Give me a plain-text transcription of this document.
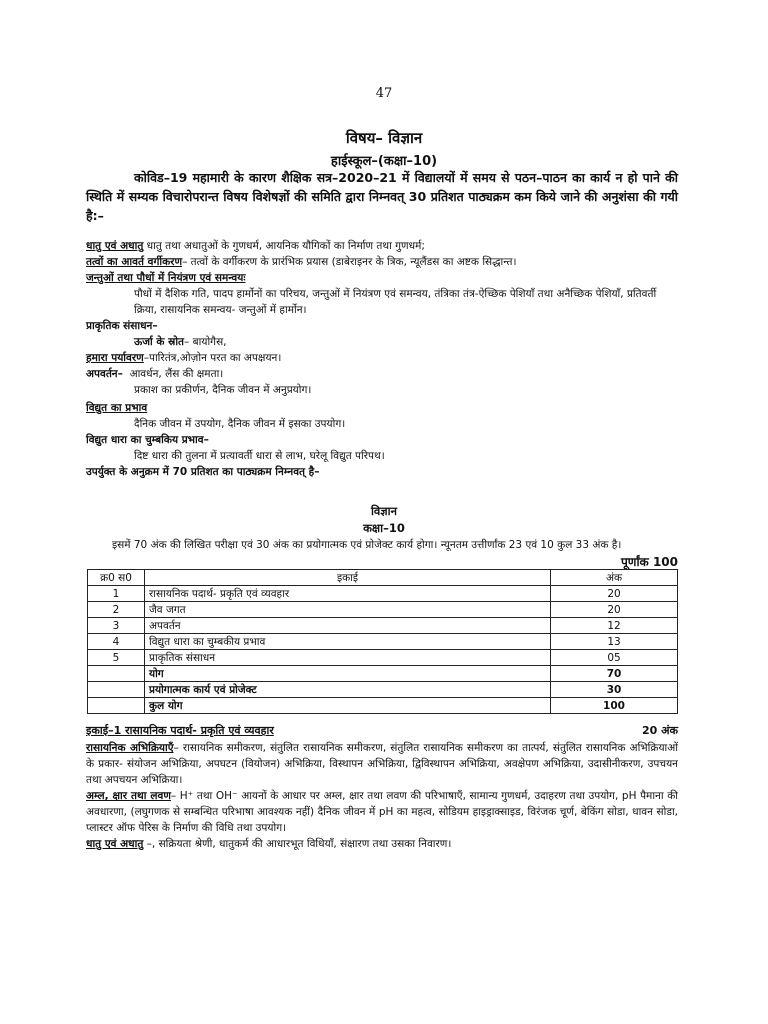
47
विषय– विज्ञान
हाईस्कूल–(कक्षा–10)

कोविड–19 महामारी के कारण शैक्षिक सत्र–2020–21 में विद्यालयों में समय से पठन–पाठन का कार्य न हो पाने की स्थिति में सम्यक विचारोपरान्त विषय विशेषज्ञों की समिति द्वारा निम्नवत् 30 प्रतिशत पाठ्यक्रम कम किये जाने की अनुशंसा की गयी है:–

धातु एवं अधातु धातु तथा अधातुओं के गुणधर्म, आयनिक यौगिकों का निर्माण तथा गुणधर्म;
तत्वों का आवर्त वर्गीकरण– तत्वों के वर्गीकरण के प्रारंभिक प्रयास (डाबेराइनर के त्रिक, न्यूलैंडस का अष्टक सिद्धान्त।
जन्तुओं तथा पौधों में नियंत्रण एवं समन्वयः
पौधों में दैशिक गति, पादप हार्मोनों का परिचय, जन्तुओं में नियंत्रण एवं समन्वय, तंत्रिका तंत्र-ऐच्छिक पेशियाँ तथा अनैच्छिक पेशियाँ, प्रतिवर्ती क्रिया, रासायनिक समन्वय- जन्तुओं में हार्मोन।
प्राकृतिक संसाधन–
ऊर्जा के स्रोत– बायोगैस,
हमारा पर्यावरण–पारितंत्र,ओज़ोन परत का अपक्षयन।
अपवर्तन–  आवर्धन, लैंस की क्षमता।
प्रकाश का प्रकीर्णन, दैनिक जीवन में अनुप्रयोग।
विद्युत का प्रभाव
दैनिक जीवन में उपयोग, दैनिक जीवन में इसका उपयोग।
विद्युत धारा का चुम्बकिय प्रभाव–
दिष्ट धारा की तुलना में प्रत्यावर्ती धारा से लाभ, घरेलू विद्युत परिपथ।
उपर्युक्त के अनुक्रम में 70 प्रतिशत का पाठ्यक्रम निम्नवत् है–
विज्ञान
कक्षा–10

इसमें 70 अंक की लिखित परीक्षा एवं 30 अंक का प्रयोगात्मक एवं प्रोजेक्ट कार्य होगा। न्यूनतम उत्तीर्णांक 23 एवं 10 कुल 33 अंक है।

पूर्णांक 100
क्र0 स0	इकाई	अंक
1	रासायनिक पदार्थ- प्रकृति एवं व्यवहार	20
2	जैव जगत	20
3	अपवर्तन	12
4	विद्युत धारा का चुम्बकीय प्रभाव	13
5	प्राकृतिक संसाधन	05
	योग	70
	प्रयोगात्मक कार्य एवं प्रोजेक्ट	30
	कुल योग	100
इकाई–1 रासायनिक पदार्थ- प्रकृति एवं व्यवहार	20 अंक

रासायनिक अभिक्रियाएँ– रासायनिक समीकरण, संतुलित रासायनिक समीकरण, संतुलित रासायनिक समीकरण का तात्पर्य, संतुलित रासायनिक अभिक्रियाओं के प्रकार- संयोजन अभिक्रिया, अपघटन (वियोजन) अभिक्रिया, विस्थापन अभिक्रिया, द्विविस्थापन अभिक्रिया, अवक्षेपण अभिक्रिया, उदासीनीकरण, उपचयन तथा अपचयन अभिक्रिया।

अम्ल, क्षार तथा लवण– H⁺ तथा OH⁻ आयनों के आधार पर अम्ल, क्षार तथा लवण की परिभाषाएँ, सामान्य गुणधर्म, उदाहरण तथा उपयोग, pH पैमाना की अवधारणा, (लघुगणक से सम्बन्धित परिभाषा आवश्यक नहीं) दैनिक जीवन में pH का महत्व, सोडियम हाइड्राक्साइड, विरंजक चूर्ण, बेकिंग सोडा, धावन सोडा, प्लास्टर ऑफ पेरिस के निर्माण की विधि तथा उपयोग।

धातु एवं अधातु –, सक्रियता श्रेणी, धातुकर्म की आधारभूत विधियाँ, संक्षारण तथा उसका निवारण।
